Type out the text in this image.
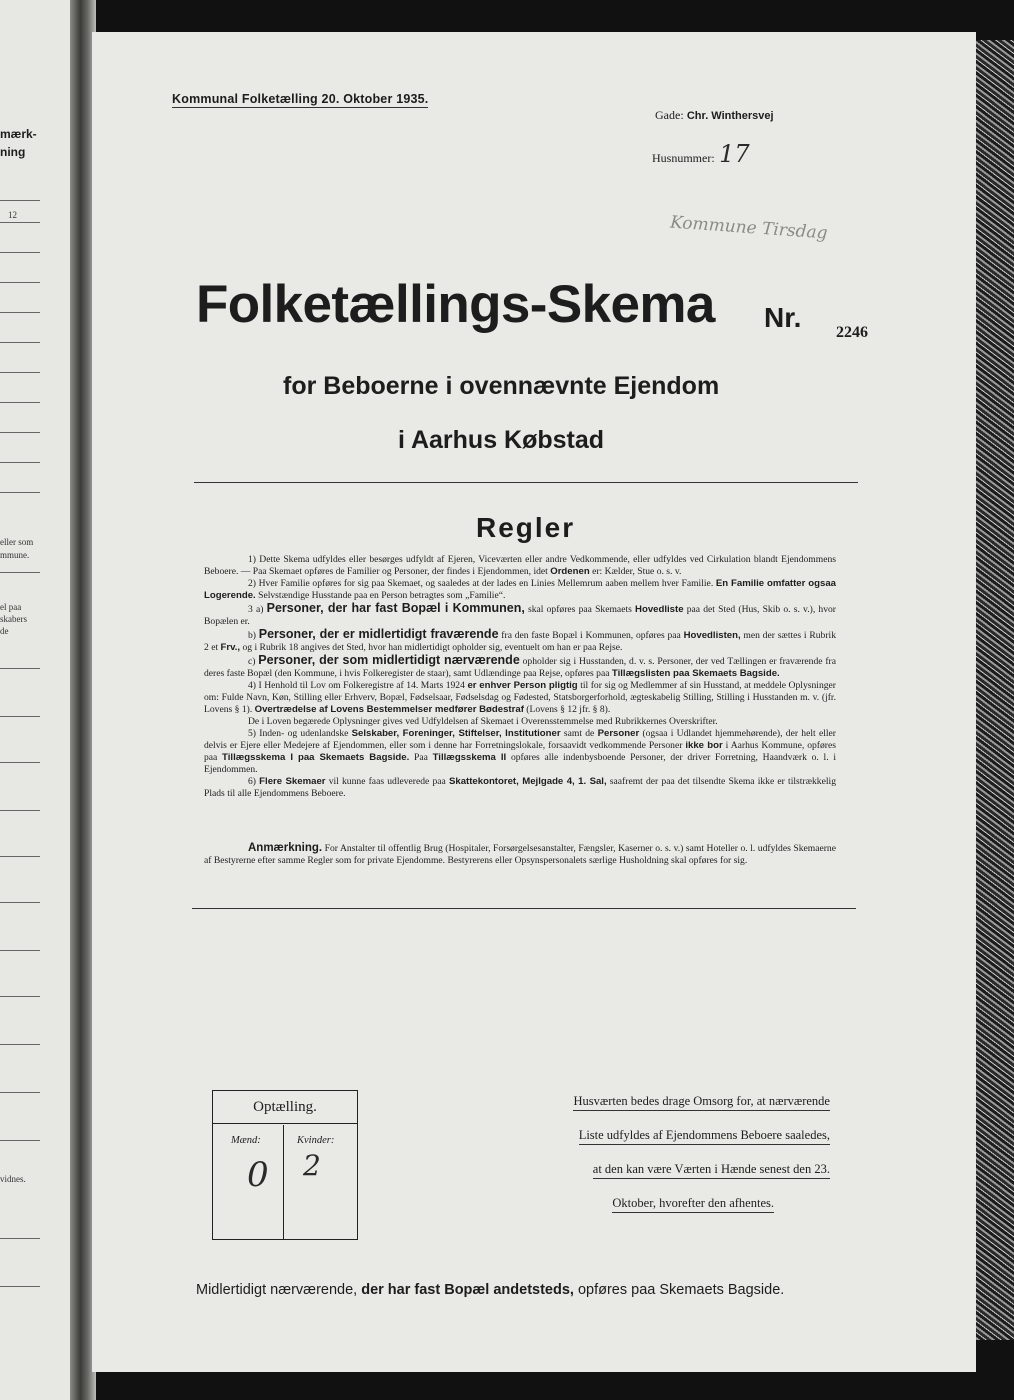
mærk-
ning
12
eller som
mmune.
el paa
skabers
de
vidnes.
Kommunal Folketælling 20. Oktober 1935.
Gade: Chr. Winthersvej
Husnummer: 17
Kommune Tirsdag
Folketællings-Skema Nr. 2246
for Beboerne i ovennævnte Ejendom
i Aarhus Købstad
Regler

1) Dette Skema udfyldes eller besørges udfyldt af Ejeren, Viceværten eller andre Vedkommende, eller udfyldes ved Cirkulation blandt Ejendommens Beboere. — Paa Skemaet opføres de Familier og Personer, der findes i Ejendommen, idet Ordenen er: Kælder, Stue o. s. v.

2) Hver Familie opføres for sig paa Skemaet, og saaledes at der lades en Linies Mellemrum aaben mellem hver Familie. En Familie omfatter ogsaa Logerende. Selvstændige Husstande paa en Person betragtes som „Familie“.

3 a) Personer, der har fast Bopæl i Kommunen, skal opføres paa Skemaets Hovedliste paa det Sted (Hus, Skib o. s. v.), hvor Bopælen er.

b) Personer, der er midlertidigt fraværende fra den faste Bopæl i Kommunen, opføres paa Hovedlisten, men der sættes i Rubrik 2 et Frv., og i Rubrik 18 angives det Sted, hvor han midlertidigt opholder sig, eventuelt om han er paa Rejse.

c) Personer, der som midlertidigt nærværende opholder sig i Husstanden, d. v. s. Personer, der ved Tællingen er fraværende fra deres faste Bopæl (den Kommune, i hvis Folkeregister de staar), samt Udlændinge paa Rejse, opføres paa Tillægslisten paa Skemaets Bagside.

4) I Henhold til Lov om Folkeregistre af 14. Marts 1924 er enhver Person pligtig til for sig og Medlemmer af sin Husstand, at meddele Oplysninger om: Fulde Navn, Køn, Stilling eller Erhverv, Bopæl, Fødselsaar, Fødselsdag og Fødested, Statsborgerforhold, ægteskabelig Stilling, Stilling i Husstanden m. v. (jfr. Lovens § 1). Overtrædelse af Lovens Bestemmelser medfører Bødestraf (Lovens § 12 jfr. § 8).

De i Loven begærede Oplysninger gives ved Udfyldelsen af Skemaet i Overensstemmelse med Rubrikkernes Overskrifter.

5) Inden- og udenlandske Selskaber, Foreninger, Stiftelser, Institutioner samt de Personer (ogsaa i Udlandet hjemmehørende), der helt eller delvis er Ejere eller Medejere af Ejendommen, eller som i denne har Forretningslokale, forsaavidt vedkommende Personer ikke bor i Aarhus Kommune, opføres paa Tillægsskema I paa Skemaets Bagside. Paa Tillægsskema II opføres alle indenbysboende Personer, der driver Forretning, Haandværk o. l. i Ejendommen.

6) Flere Skemaer vil kunne faas udleverede paa Skattekontoret, Mejlgade 4, 1. Sal, saafremt der paa det tilsendte Skema ikke er tilstrækkelig Plads til alle Ejendommens Beboere.

Anmærkning. For Anstalter til offentlig Brug (Hospitaler, Forsørgelsesanstalter, Fængsler, Kaserner o. s. v.) samt Hoteller o. l. udfyldes Skemaerne af Bestyrerne efter samme Regler som for private Ejendomme. Bestyrerens eller Opsynspersonalets særlige Husholdning skal opføres for sig.
Optælling.
Mænd:	Kvinder:
0 2
Husværten bedes drage Omsorg for, at nærværende
Liste udfyldes af Ejendommens Beboere saaledes,
at den kan være Værten i Hænde senest den 23.
Oktober, hvorefter den afhentes.
Midlertidigt nærværende, der har fast Bopæl andetsteds, opføres paa Skemaets Bagside.
